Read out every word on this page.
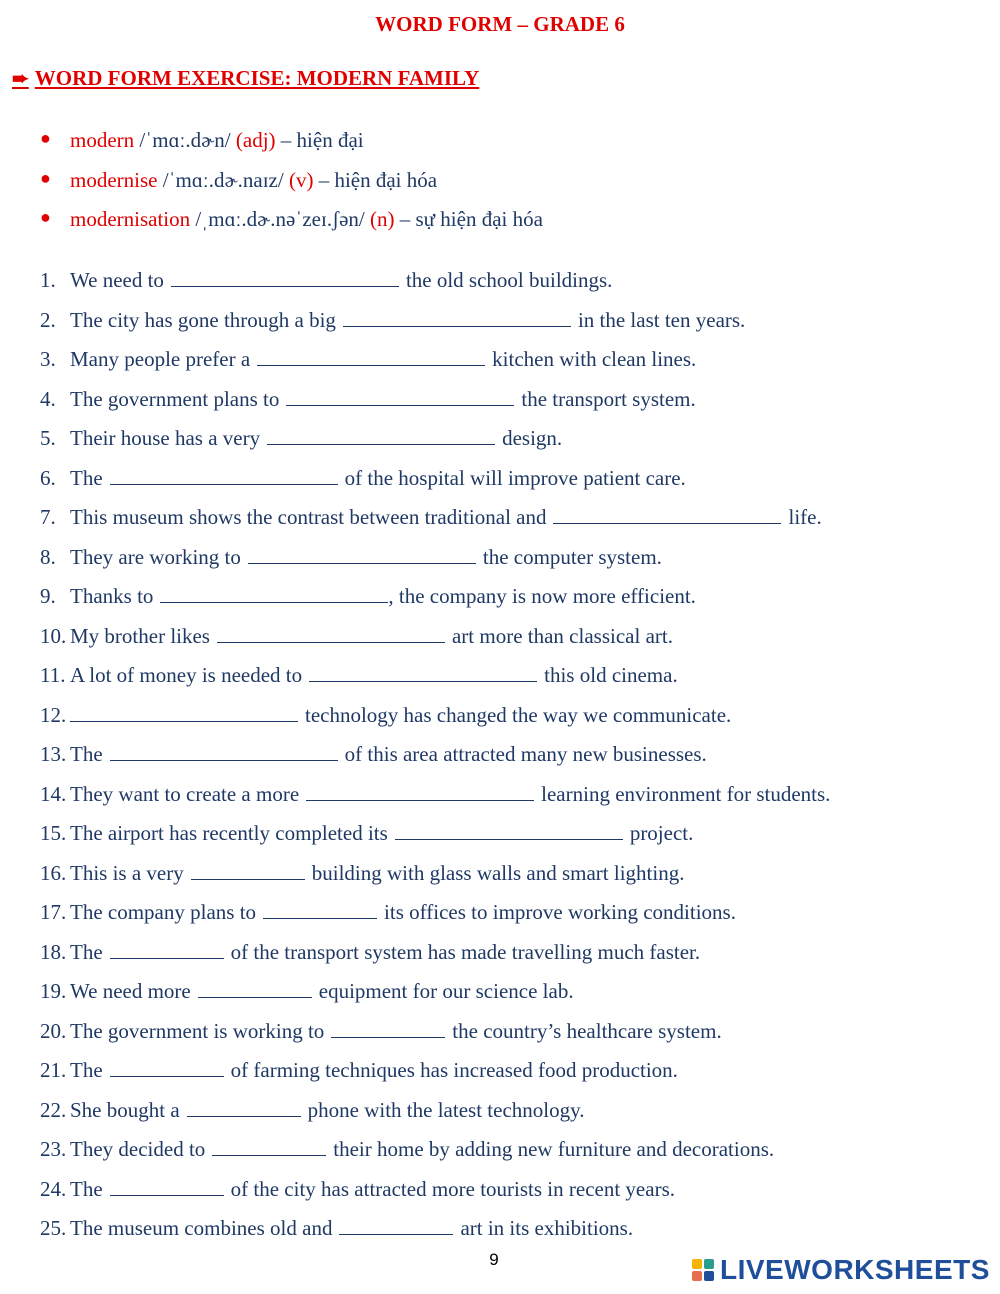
WORD FORM – GRADE 6
➨ WORD FORM EXERCISE: MODERN FAMILY
● modern /ˈmɑː.dɚn/ (adj) – hiện đại
● modernise /ˈmɑː.dɚ.naɪz/ (v) – hiện đại hóa
● modernisation /ˌmɑː.dɚ.nəˈzeɪ.ʃən/ (n) – sự hiện đại hóa
1. We need to	the old school buildings.
2. The city has gone through a big	in the last ten years.
3. Many people prefer a	kitchen with clean lines.
4. The government plans to	the transport system.
5. Their house has a very	design.
6. The	of the hospital will improve patient care.
7. This museum shows the contrast between traditional and	life.
8. They are working to	the computer system.
9. Thanks to	, the company is now more efficient.
10. My brother likes	art more than classical art.
11. A lot of money is needed to	this old cinema.
12.	technology has changed the way we communicate.
13. The	of this area attracted many new businesses.
14. They want to create a more	learning environment for students.
15. The airport has recently completed its	project.
16. This is a very	building with glass walls and smart lighting.
17. The company plans to	its offices to improve working conditions.
18. The	of the transport system has made travelling much faster.
19. We need more	equipment for our science lab.
20. The government is working to	the country’s healthcare system.
21. The	of farming techniques has increased food production.
22. She bought a	phone with the latest technology.
23. They decided to	their home by adding new furniture and decorations.
24. The	of the city has attracted more tourists in recent years.
25. The museum combines old and	art in its exhibitions.
9	LIVEWORKSHEETS
